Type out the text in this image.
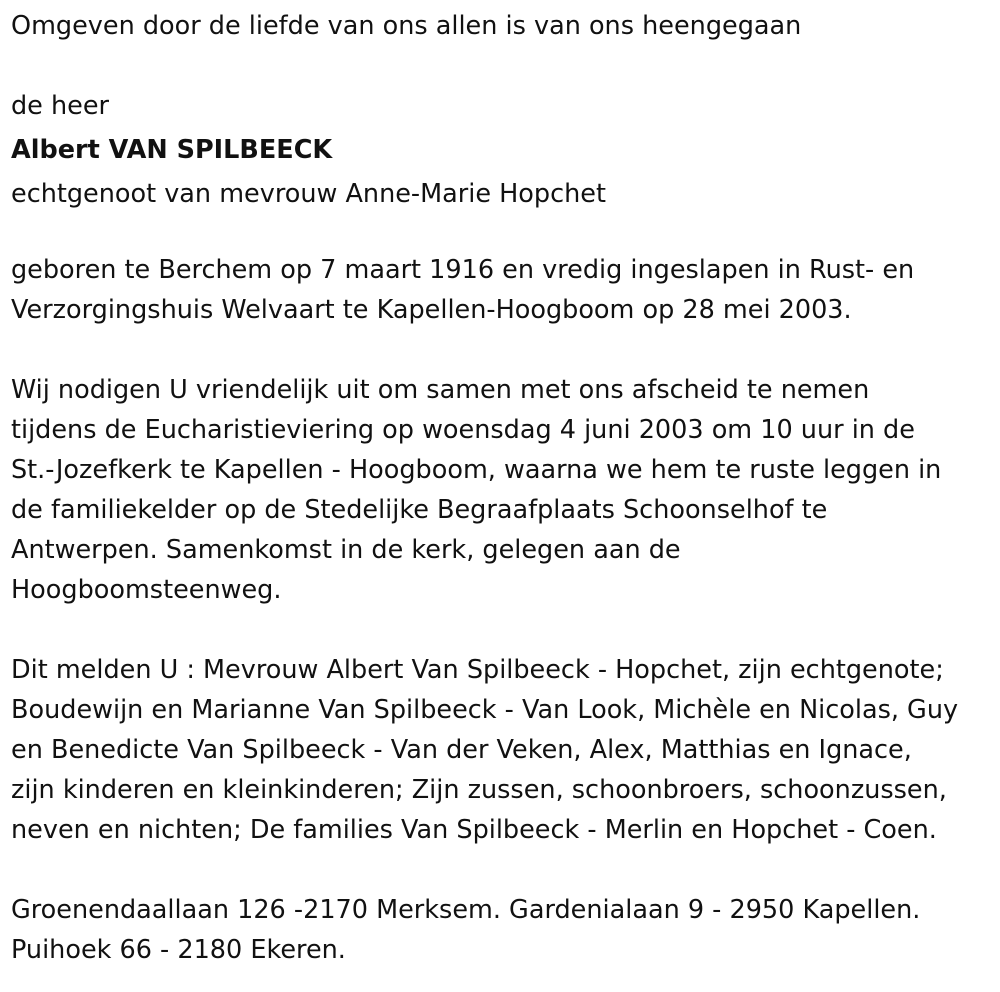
Omgeven door de liefde van ons allen is van ons heengegaan
de heer
Albert VAN SPILBEECK
echtgenoot van mevrouw Anne-Marie Hopchet
geboren te Berchem op 7 maart 1916 en vredig ingeslapen in Rust- en
Verzorgingshuis Welvaart te Kapellen-Hoogboom op 28 mei 2003.
Wij nodigen U vriendelijk uit om samen met ons afscheid te nemen
tijdens de Eucharistieviering op woensdag 4 juni 2003 om 10 uur in de
St.-Jozefkerk te Kapellen - Hoogboom, waarna we hem te ruste leggen in
de familiekelder op de Stedelijke Begraafplaats Schoonselhof te
Antwerpen. Samenkomst in de kerk, gelegen aan de
Hoogboomsteenweg.
Dit melden U : Mevrouw Albert Van Spilbeeck - Hopchet, zijn echtgenote;
Boudewijn en Marianne Van Spilbeeck - Van Look, Michèle en Nicolas, Guy
en Benedicte Van Spilbeeck - Van der Veken, Alex, Matthias en Ignace,
zijn kinderen en kleinkinderen; Zijn zussen, schoonbroers, schoonzussen,
neven en nichten; De families Van Spilbeeck - Merlin en Hopchet - Coen.
Groenendaallaan 126 -2170 Merksem. Gardenialaan 9 - 2950 Kapellen.
Puihoek 66 - 2180 Ekeren.
